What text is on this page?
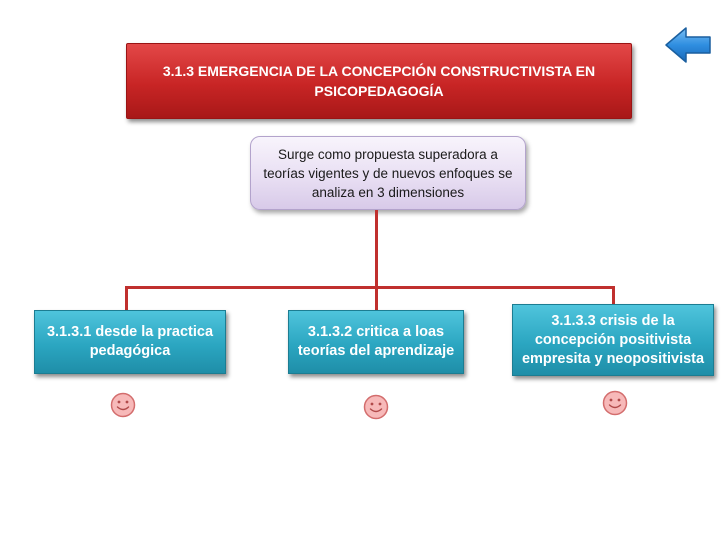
3.1.3 EMERGENCIA DE LA CONCEPCIÓN CONSTRUCTIVISTA EN PSICOPEDAGOGÍA
Surge como propuesta superadora a teorías vigentes y de nuevos enfoques se analiza en 3 dimensiones
3.1.3.1 desde la practica pedagógica
3.1.3.2 critica a loas teorías del aprendizaje
3.1.3.3 crisis de la concepción positivista empresita y neopositivista
